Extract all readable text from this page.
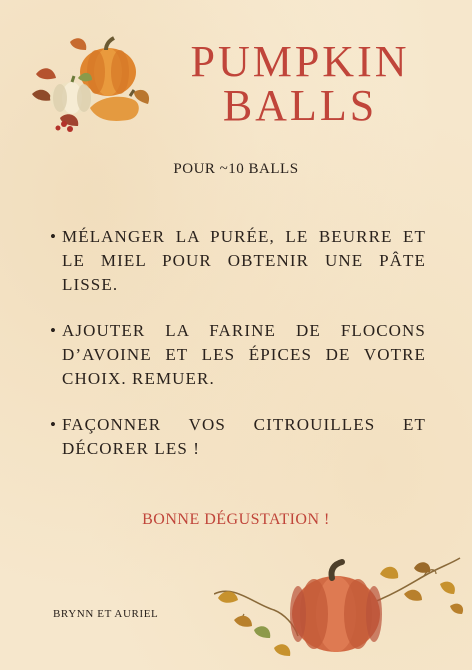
PUMPKIN
BALLS
POUR ~10 BALLS
• MÉLANGER LA PURÉE, LE BEURRE ET LE MIEL POUR OBTENIR UNE PÂTE LISSE.
• AJOUTER LA FARINE DE FLOCONS D’AVOINE ET LES ÉPICES DE VOTRE CHOIX. REMUER.
• FAÇONNER VOS CITROUILLES ET DÉCORER LES !
BONNE DÉGUSTATION !
BRYNN ET AURIEL
